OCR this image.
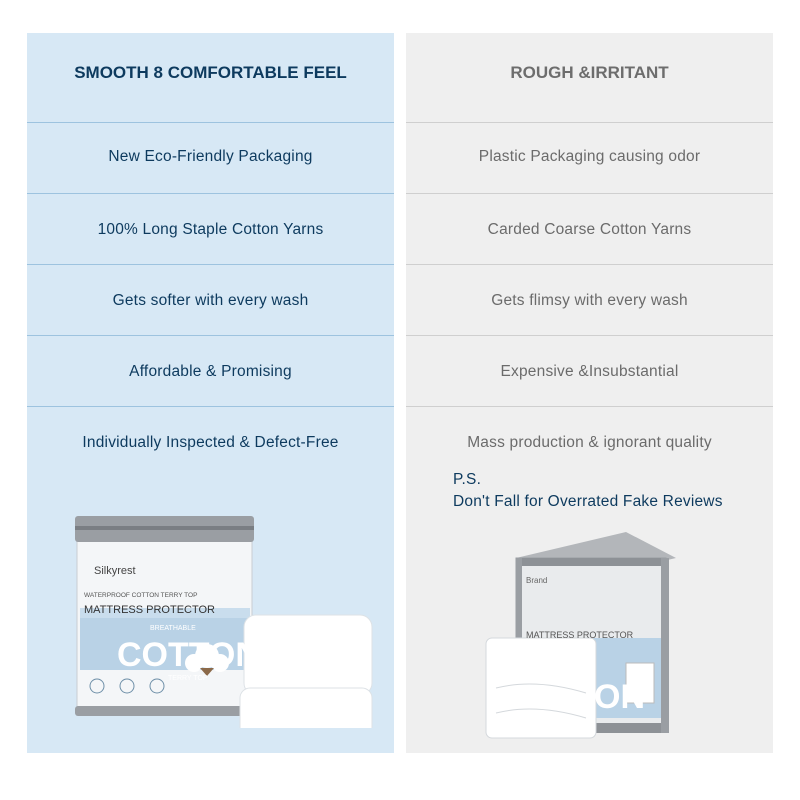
SMOOTH 8 COMFORTABLE FEEL
New Eco-Friendly Packaging
100% Long Staple Cotton Yarns
Gets softer with every wash
Affordable & Promising
Individually Inspected & Defect-Free
Silkyrest
WATERPROOF COTTON TERRY TOP
MATTRESS PROTECTOR
BREATHABLE
COTTON
TERRY TOP
ROUGH &IRRITANT
Plastic Packaging causing odor
Carded Coarse Cotton Yarns
Gets flimsy with every wash
Expensive &Insubstantial
Mass production & ignorant quality
P.S.
Don't Fall for Overrated Fake Reviews
Brand
MATTRESS PROTECTOR
ON
